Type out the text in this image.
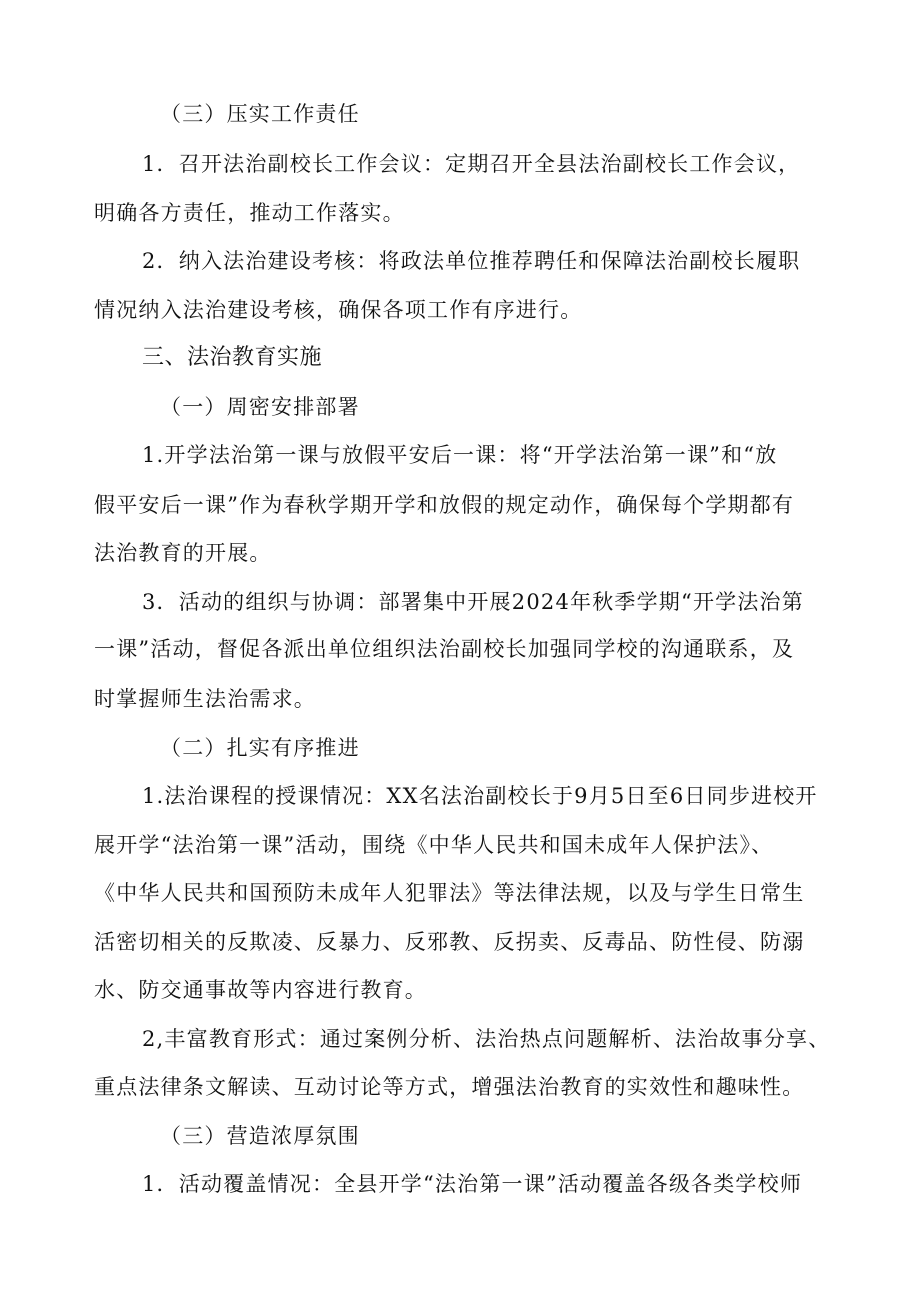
（三）压实工作责任
1．召开法治副校长工作会议：定期召开全县法治副校长工作会议，
明确各方责任，推动工作落实。
2．纳入法治建设考核：将政法单位推荐聘任和保障法治副校长履职
情况纳入法治建设考核，确保各项工作有序进行。
三、法治教育实施
（一）周密安排部署
1.开学法治第一课与放假平安后一课：将“开学法治第一课”和“放
假平安后一课”作为春秋学期开学和放假的规定动作，确保每个学期都有
法治教育的开展。
3．活动的组织与协调：部署集中开展2024年秋季学期“开学法治第
一课”活动，督促各派出单位组织法治副校长加强同学校的沟通联系，及
时掌握师生法治需求。
（二）扎实有序推进
1.法治课程的授课情况：XX名法治副校长于9月5日至6日同步进校开
展开学“法治第一课”活动，围绕《中华人民共和国未成年人保护法》、
《中华人民共和国预防未成年人犯罪法》等法律法规，以及与学生日常生
活密切相关的反欺凌、反暴力、反邪教、反拐卖、反毒品、防性侵、防溺
水、防交通事故等内容进行教育。
2,丰富教育形式：通过案例分析、法治热点问题解析、法治故事分享、
重点法律条文解读、互动讨论等方式，增强法治教育的实效性和趣味性。
（三）营造浓厚氛围
1．活动覆盖情况：全县开学“法治第一课”活动覆盖各级各类学校师
